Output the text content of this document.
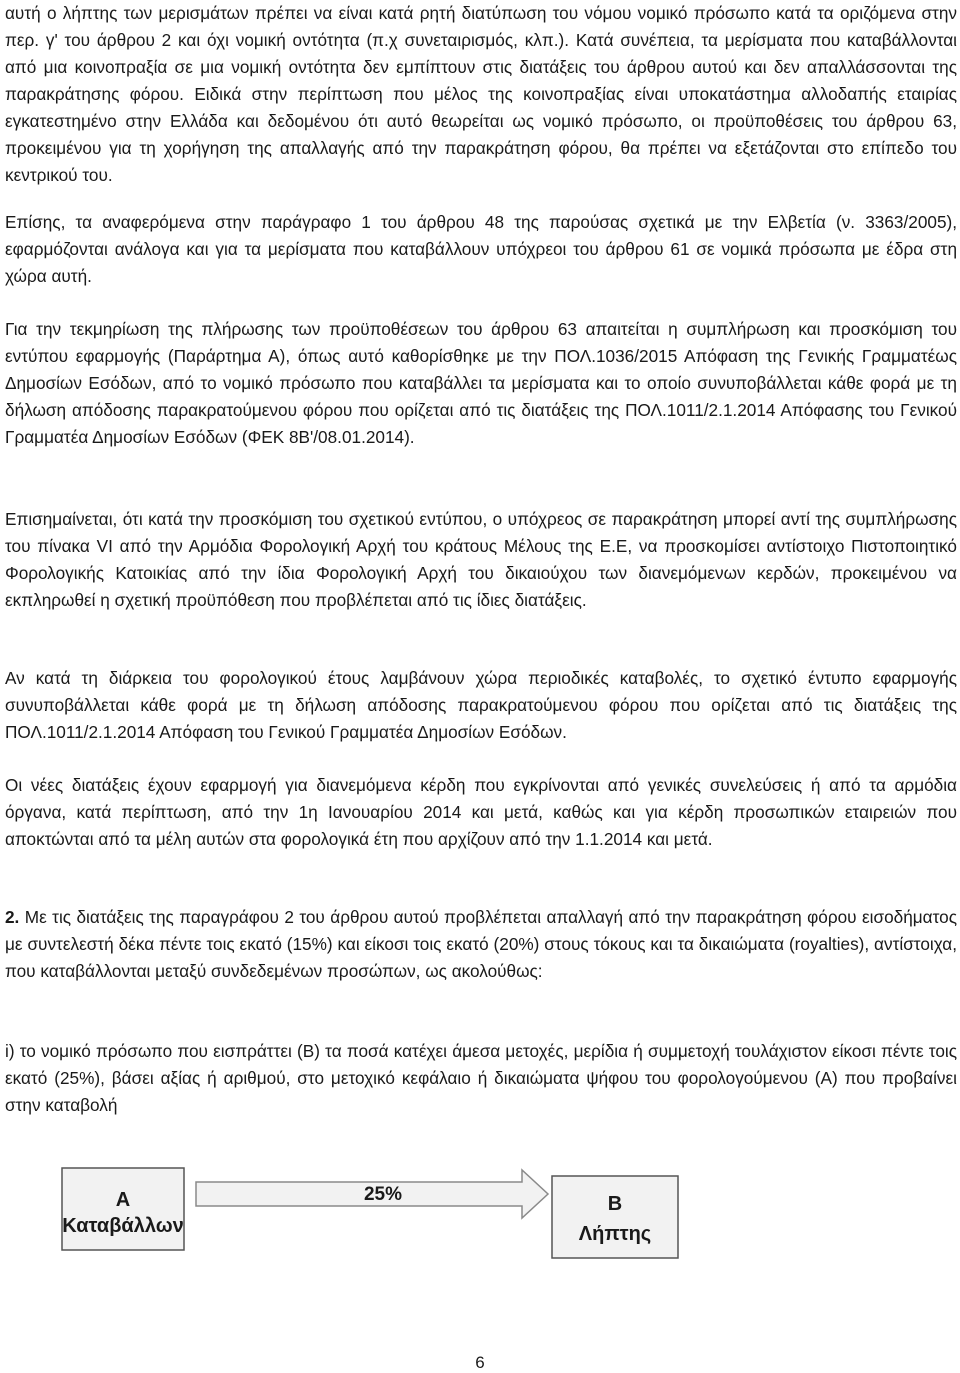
αυτή ο λήπτης των μερισμάτων πρέπει να είναι κατά ρητή διατύπωση του νόμου νομικό πρόσωπο κατά τα οριζόμενα στην περ. γ' του άρθρου 2 και όχι νομική οντότητα (π.χ συνεταιρισμός, κλπ.). Κατά συνέπεια, τα μερίσματα που καταβάλλονται από μια κοινοπραξία σε μια νομική οντότητα δεν εμπίπτουν στις διατάξεις του άρθρου αυτού και δεν απαλλάσσονται της παρακράτησης φόρου. Ειδικά στην περίπτωση που μέλος της κοινοπραξίας είναι υποκατάστημα αλλοδαπής εταιρίας εγκατεστημένο στην Ελλάδα και δεδομένου ότι αυτό θεωρείται ως νομικό πρόσωπο, οι προϋποθέσεις του άρθρου 63, προκειμένου για τη χορήγηση της απαλλαγής από την παρακράτηση φόρου, θα πρέπει να εξετάζονται στο επίπεδο του κεντρικού του.

Επίσης, τα αναφερόμενα στην παράγραφο 1 του άρθρου 48 της παρούσας σχετικά με την Ελβετία (ν. 3363/2005), εφαρμόζονται ανάλογα και για τα μερίσματα που καταβάλλουν υπόχρεοι του άρθρου 61 σε νομικά πρόσωπα με έδρα στη χώρα αυτή.

Για την τεκμηρίωση της πλήρωσης των προϋποθέσεων του άρθρου 63 απαιτείται η συμπλήρωση και προσκόμιση του εντύπου εφαρμογής (Παράρτημα Α), όπως αυτό καθορίσθηκε με την ΠΟΛ.1036/2015 Απόφαση της Γενικής Γραμματέως Δημοσίων Εσόδων, από το νομικό πρόσωπο που καταβάλλει τα μερίσματα και το οποίο συνυποβάλλεται κάθε φορά με τη δήλωση απόδοσης παρακρατούμενου φόρου που ορίζεται από τις διατάξεις της ΠΟΛ.1011/2.1.2014 Απόφασης του Γενικού Γραμματέα Δημοσίων Εσόδων (ΦΕΚ 8Β'/08.01.2014).

Επισημαίνεται, ότι κατά την προσκόμιση του σχετικού εντύπου, ο υπόχρεος σε παρακράτηση μπορεί αντί της συμπλήρωσης του πίνακα VI από την Αρμόδια Φορολογική Αρχή του κράτους Μέλους της Ε.Ε, να προσκομίσει αντίστοιχο Πιστοποιητικό Φορολογικής Κατοικίας από την ίδια Φορολογική Αρχή του δικαιούχου των διανεμόμενων κερδών, προκειμένου να εκπληρωθεί η σχετική προϋπόθεση που προβλέπεται από τις ίδιες διατάξεις.

Αν κατά τη διάρκεια του φορολογικού έτους λαμβάνουν χώρα περιοδικές καταβολές, το σχετικό έντυπο εφαρμογής συνυποβάλλεται κάθε φορά με τη δήλωση απόδοσης παρακρατούμενου φόρου που ορίζεται από τις διατάξεις της ΠΟΛ.1011/2.1.2014 Απόφαση του Γενικού Γραμματέα Δημοσίων Εσόδων.

Οι νέες διατάξεις έχουν εφαρμογή για διανεμόμενα κέρδη που εγκρίνονται από γενικές συνελεύσεις ή από τα αρμόδια όργανα, κατά περίπτωση, από την 1η Ιανουαρίου 2014 και μετά, καθώς και για κέρδη προσωπικών εταιρειών που αποκτώνται από τα μέλη αυτών στα φορολογικά έτη που αρχίζουν από την 1.1.2014 και μετά.

2. Με τις διατάξεις της παραγράφου 2 του άρθρου αυτού προβλέπεται απαλλαγή από την παρακράτηση φόρου εισοδήματος με συντελεστή δέκα πέντε τοις εκατό (15%) και είκοσι τοις εκατό (20%) στους τόκους και τα δικαιώματα (royalties), αντίστοιχα, που καταβάλλονται μεταξύ συνδεδεμένων προσώπων, ως ακολούθως:

i) το νομικό πρόσωπο που εισπράττει (Β) τα ποσά κατέχει άμεσα μετοχές, μερίδια ή συμμετοχή τουλάχιστον είκοσι πέντε τοις εκατό (25%), βάσει αξίας ή αριθμού, στο μετοχικό κεφάλαιο ή δικαιώματα ψήφου του φορολογούμενου (Α) που προβαίνει στην καταβολή

A
Καταβάλλων
25%	B
Λήπτης
6
